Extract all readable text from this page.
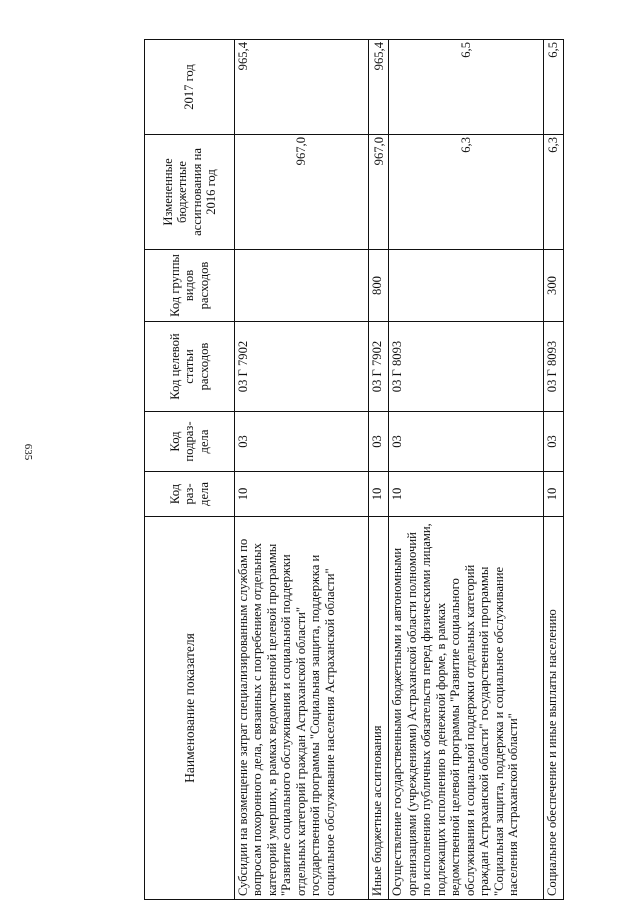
635
Наименование показателя	Код раз-дела	Код подраз-дела	Код целевой статьи расходов	Код группы видов расходов	Измененные бюджетные ассигнования на 2016 год	2017 год
Субсидии на возмещение затрат специализированным службам по вопросам похоронного дела, связанных с погребением отдельных категорий умерших, в рамках ведомственной целевой программы "Развитие социального обслуживания и социальной поддержки отдельных категорий граждан Астраханской области" государственной программы "Социальная защита, поддержка и социальное обслуживание населения Астраханской области"	10	03	03 Г 7902		967,0	965,4
Иные бюджетные ассигнования	10	03	03 Г 7902	800	967,0	965,4
Осуществление государственными бюджетными и автономными организациями (учреждениями) Астраханской области полномочий по исполнению публичных обязательств перед физическими лицами, подлежащих исполнению в денежной форме, в рамках ведомственной целевой программы "Развитие социального обслуживания и социальной поддержки отдельных категорий граждан Астраханской области" государственной программы "Социальная защита, поддержка и социальное обслуживание населения Астраханской области"	10	03	03 Г 8093		6,3	6,5
Социальное обеспечение и иные выплаты населению	10	03	03 Г 8093	300	6,3	6,5
